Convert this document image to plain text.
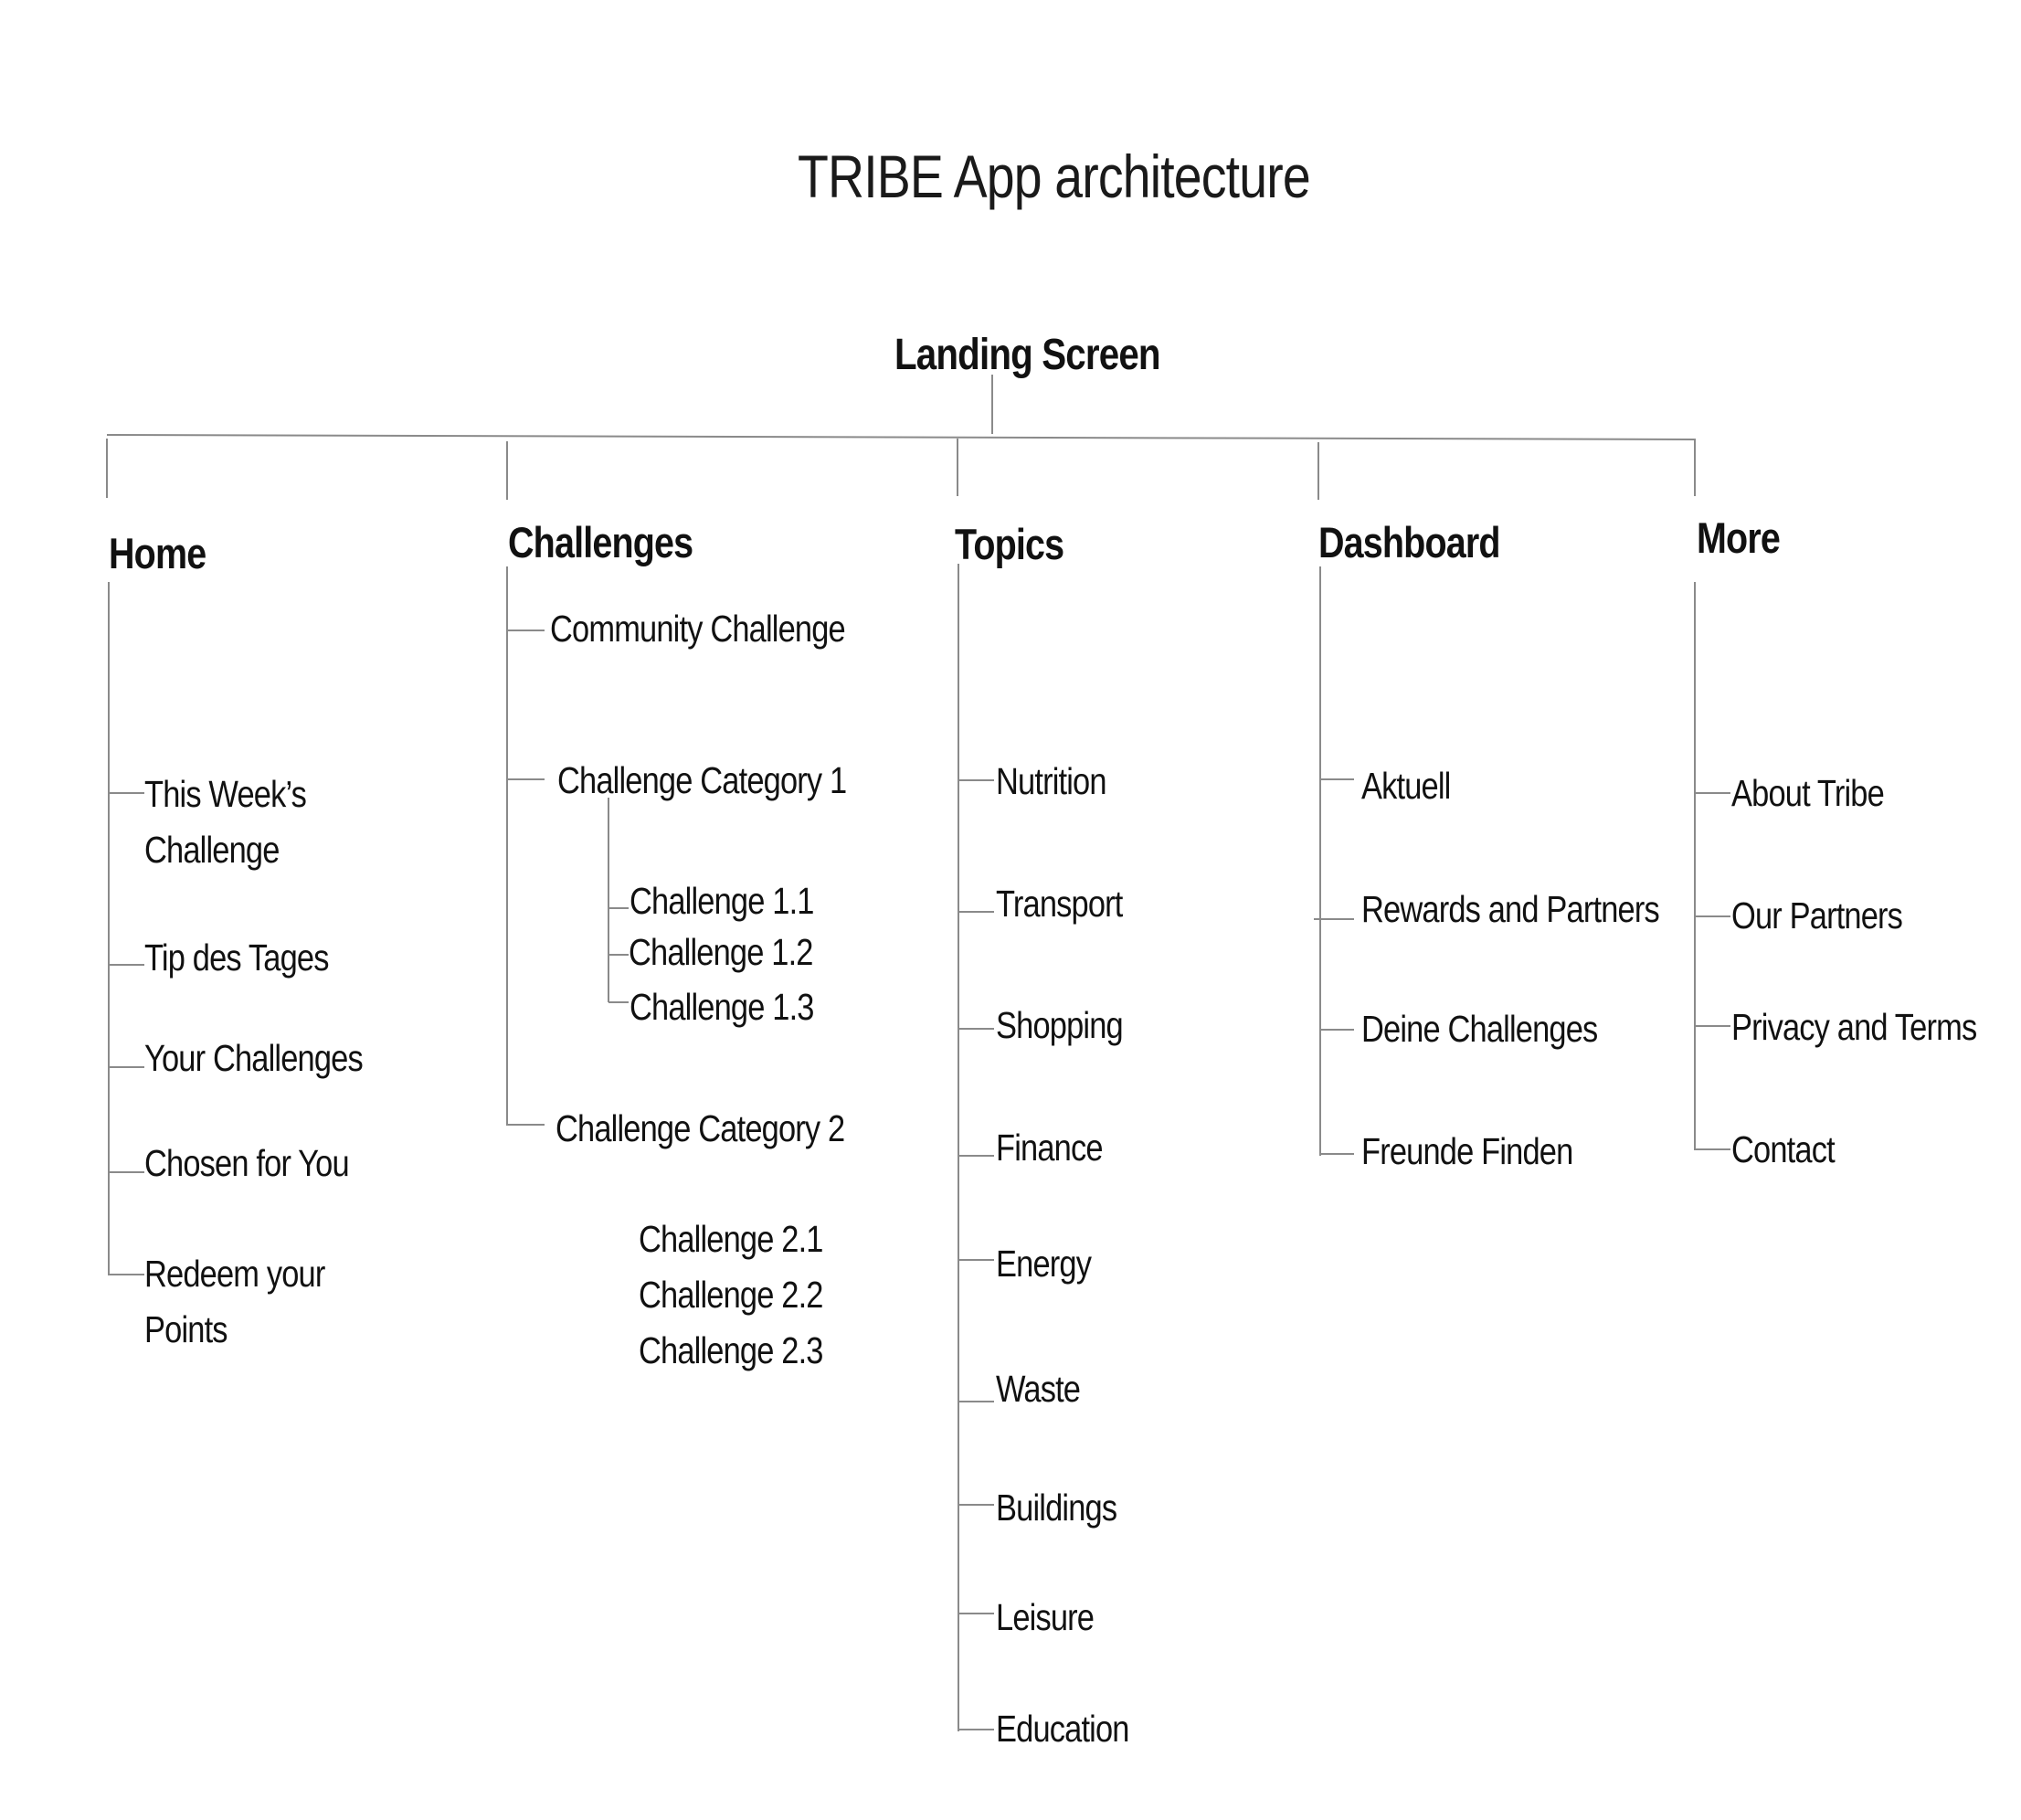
TRIBE App architecture
Landing Screen
Home
This Week’s
Challenge
Tip des Tages
Your Challenges
Chosen for You
Redeem your
Points
Challenges
Community Challenge
Challenge Category 1
Challenge 1.1
Challenge 1.2
Challenge 1.3
Challenge Category 2
Challenge 2.1
Challenge 2.2
Challenge 2.3
Topics
Nutrition
Transport
Shopping
Finance
Energy
Waste
Buildings
Leisure
Education
Dashboard
Aktuell
Rewards and Partners
Deine Challenges
Freunde Finden
More
About Tribe
Our Partners
Privacy and Terms
Contact
